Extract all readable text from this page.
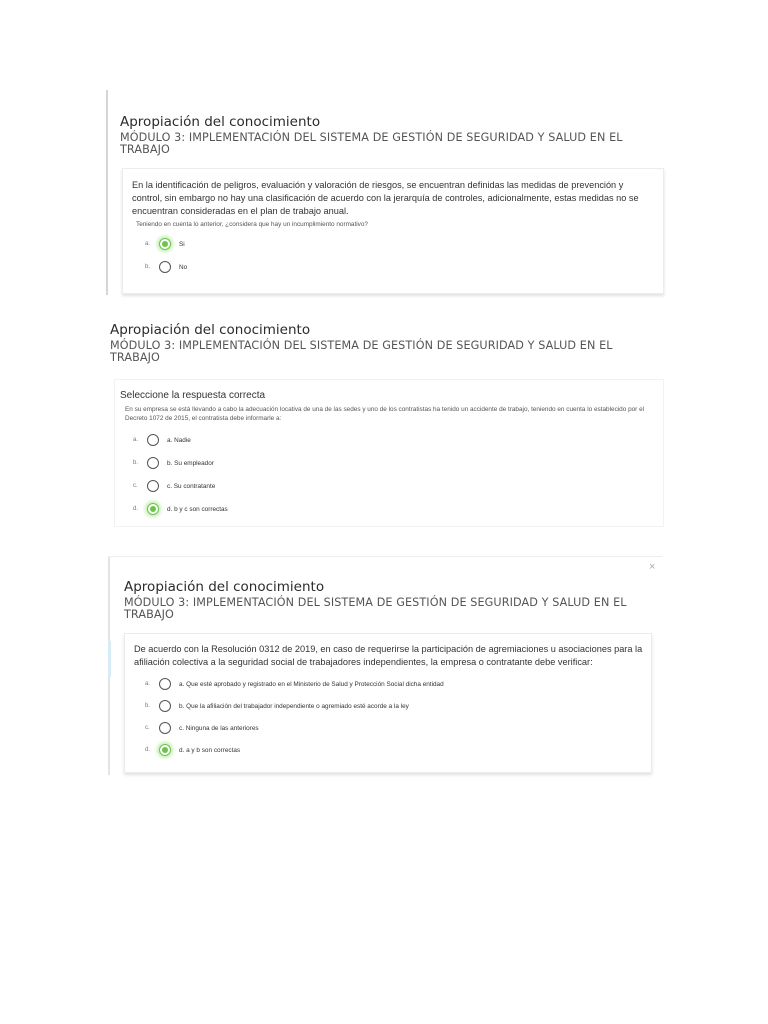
Apropiación del conocimiento
MÓDULO 3: IMPLEMENTACIÓN DEL SISTEMA DE GESTIÓN DE SEGURIDAD Y SALUD EN EL TRABAJO
En la identificación de peligros, evaluación y valoración de riesgos, se encuentran definidas las medidas de prevención y control, sin embargo no hay una clasificación de acuerdo con la jerarquía de controles, adicionalmente, estas medidas no se encuentran consideradas en el plan de trabajo anual.
Teniendo en cuenta lo anterior, ¿considera que hay un incumplimiento normativo?
a.	Si
b.	No
Apropiación del conocimiento
MÓDULO 3: IMPLEMENTACIÓN DEL SISTEMA DE GESTIÓN DE SEGURIDAD Y SALUD EN EL TRABAJO
Seleccione la respuesta correcta
En su empresa se está llevando a cabo la adecuación locativa de una de las sedes y uno de los contratistas ha tenido un accidente de trabajo, teniendo en cuenta lo establecido por el Decreto 1072 de 2015, el contratista debe informarle a:
a.	a. Nadie
b.	b. Su empleador
c.	c. Su contratante
d.	d. b y c son correctas
×
Apropiación del conocimiento
MÓDULO 3: IMPLEMENTACIÓN DEL SISTEMA DE GESTIÓN DE SEGURIDAD Y SALUD EN EL TRABAJO
De acuerdo con la Resolución 0312 de 2019, en caso de requerirse la participación de agremiaciones u asociaciones para la afiliación colectiva a la seguridad social de trabajadores independientes, la empresa o contratante debe verificar:
a.	a. Que esté aprobado y registrado en el Ministerio de Salud y Protección Social dicha entidad
b.	b. Que la afiliación del trabajador independiente o agremiado esté acorde a la ley
c.	c. Ninguna de las anteriores
d.	d. a y b son correctas
